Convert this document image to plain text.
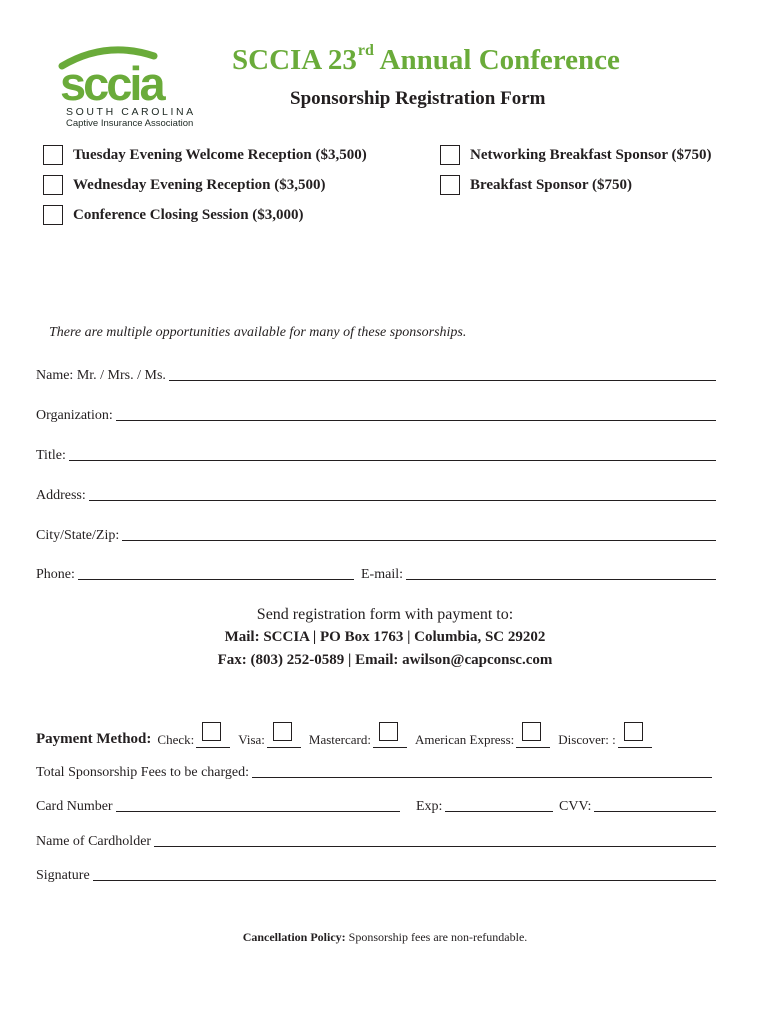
sccia
SOUTH CAROLINA
Captive Insurance Association
SCCIA 23rd Annual Conference
Sponsorship Registration Form
Tuesday Evening Welcome Reception ($3,500)
Wednesday Evening Reception ($3,500)
Conference Closing Session ($3,000)
Networking Breakfast Sponsor ($750)
Breakfast Sponsor ($750)
There are multiple opportunities available for many of these sponsorships.
Name: Mr. / Mrs. / Ms.
Organization:
Title:
Address:
City/State/Zip:
Phone:	E-mail:
Send registration form with payment to:
Mail: SCCIA | PO Box 1763 | Columbia, SC 29202
Fax: (803) 252-0589 | Email: awilson@capconsc.com
Payment Method: Check:	Visa:	Mastercard:	American Express:	Discover: :
Total Sponsorship Fees to be charged:
Card Number	Exp:	CVV:
Name of Cardholder
Signature
Cancellation Policy: Sponsorship fees are non-refundable.
